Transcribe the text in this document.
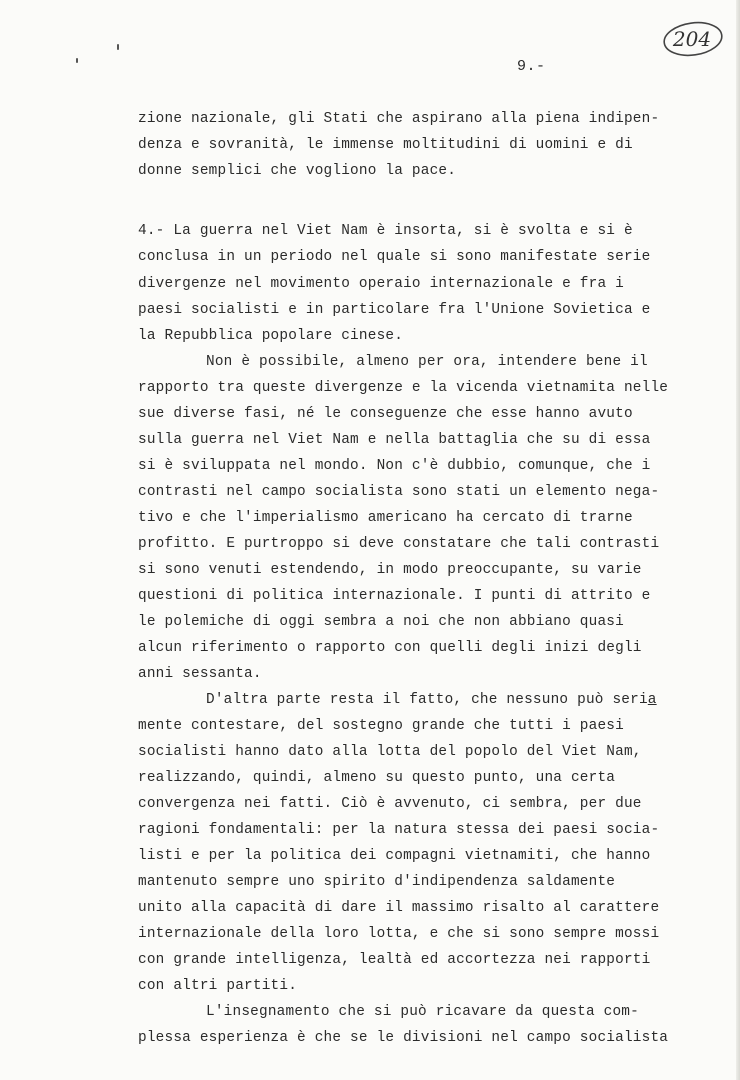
204
9.-
zione nazionale, gli Stati che aspirano alla piena indipen-
denza e sovranità, le immense moltitudini di uomini e di
donne semplici che vogliono la pace.
4.- La guerra nel Viet Nam è insorta, si è svolta e si è
conclusa in un periodo nel quale si sono manifestate serie
divergenze nel movimento operaio internazionale e fra i
paesi socialisti e in particolare fra l'Unione Sovietica e
la Repubblica popolare cinese.
Non è possibile, almeno per ora, intendere bene il
rapporto tra queste divergenze e la vicenda vietnamita nelle
sue diverse fasi, né le conseguenze che esse hanno avuto
sulla guerra nel Viet Nam e nella battaglia che su di essa
si è sviluppata nel mondo. Non c'è dubbio, comunque, che i
contrasti nel campo socialista sono stati un elemento nega-
tivo e che l'imperialismo americano ha cercato di trarne
profitto. E purtroppo si deve constatare che tali contrasti
si sono venuti estendendo, in modo preoccupante, su varie
questioni di politica internazionale. I punti di attrito e
le polemiche di oggi sembra a noi che non abbiano quasi
alcun riferimento o rapporto con quelli degli inizi degli
anni sessanta.
D'altra parte resta il fatto, che nessuno può seria
mente contestare, del sostegno grande che tutti i paesi
socialisti hanno dato alla lotta del popolo del Viet Nam,
realizzando, quindi, almeno su questo punto, una certa
convergenza nei fatti. Ciò è avvenuto, ci sembra, per due
ragioni fondamentali: per la natura stessa dei paesi socia-
listi e per la politica dei compagni vietnamiti, che hanno
mantenuto sempre uno spirito d'indipendenza saldamente
unito alla capacità di dare il massimo risalto al carattere
internazionale della loro lotta, e che si sono sempre mossi
con grande intelligenza, lealtà ed accortezza nei rapporti
con altri partiti.
L'insegnamento che si può ricavare da questa com-
plessa esperienza è che se le divisioni nel campo socialista
